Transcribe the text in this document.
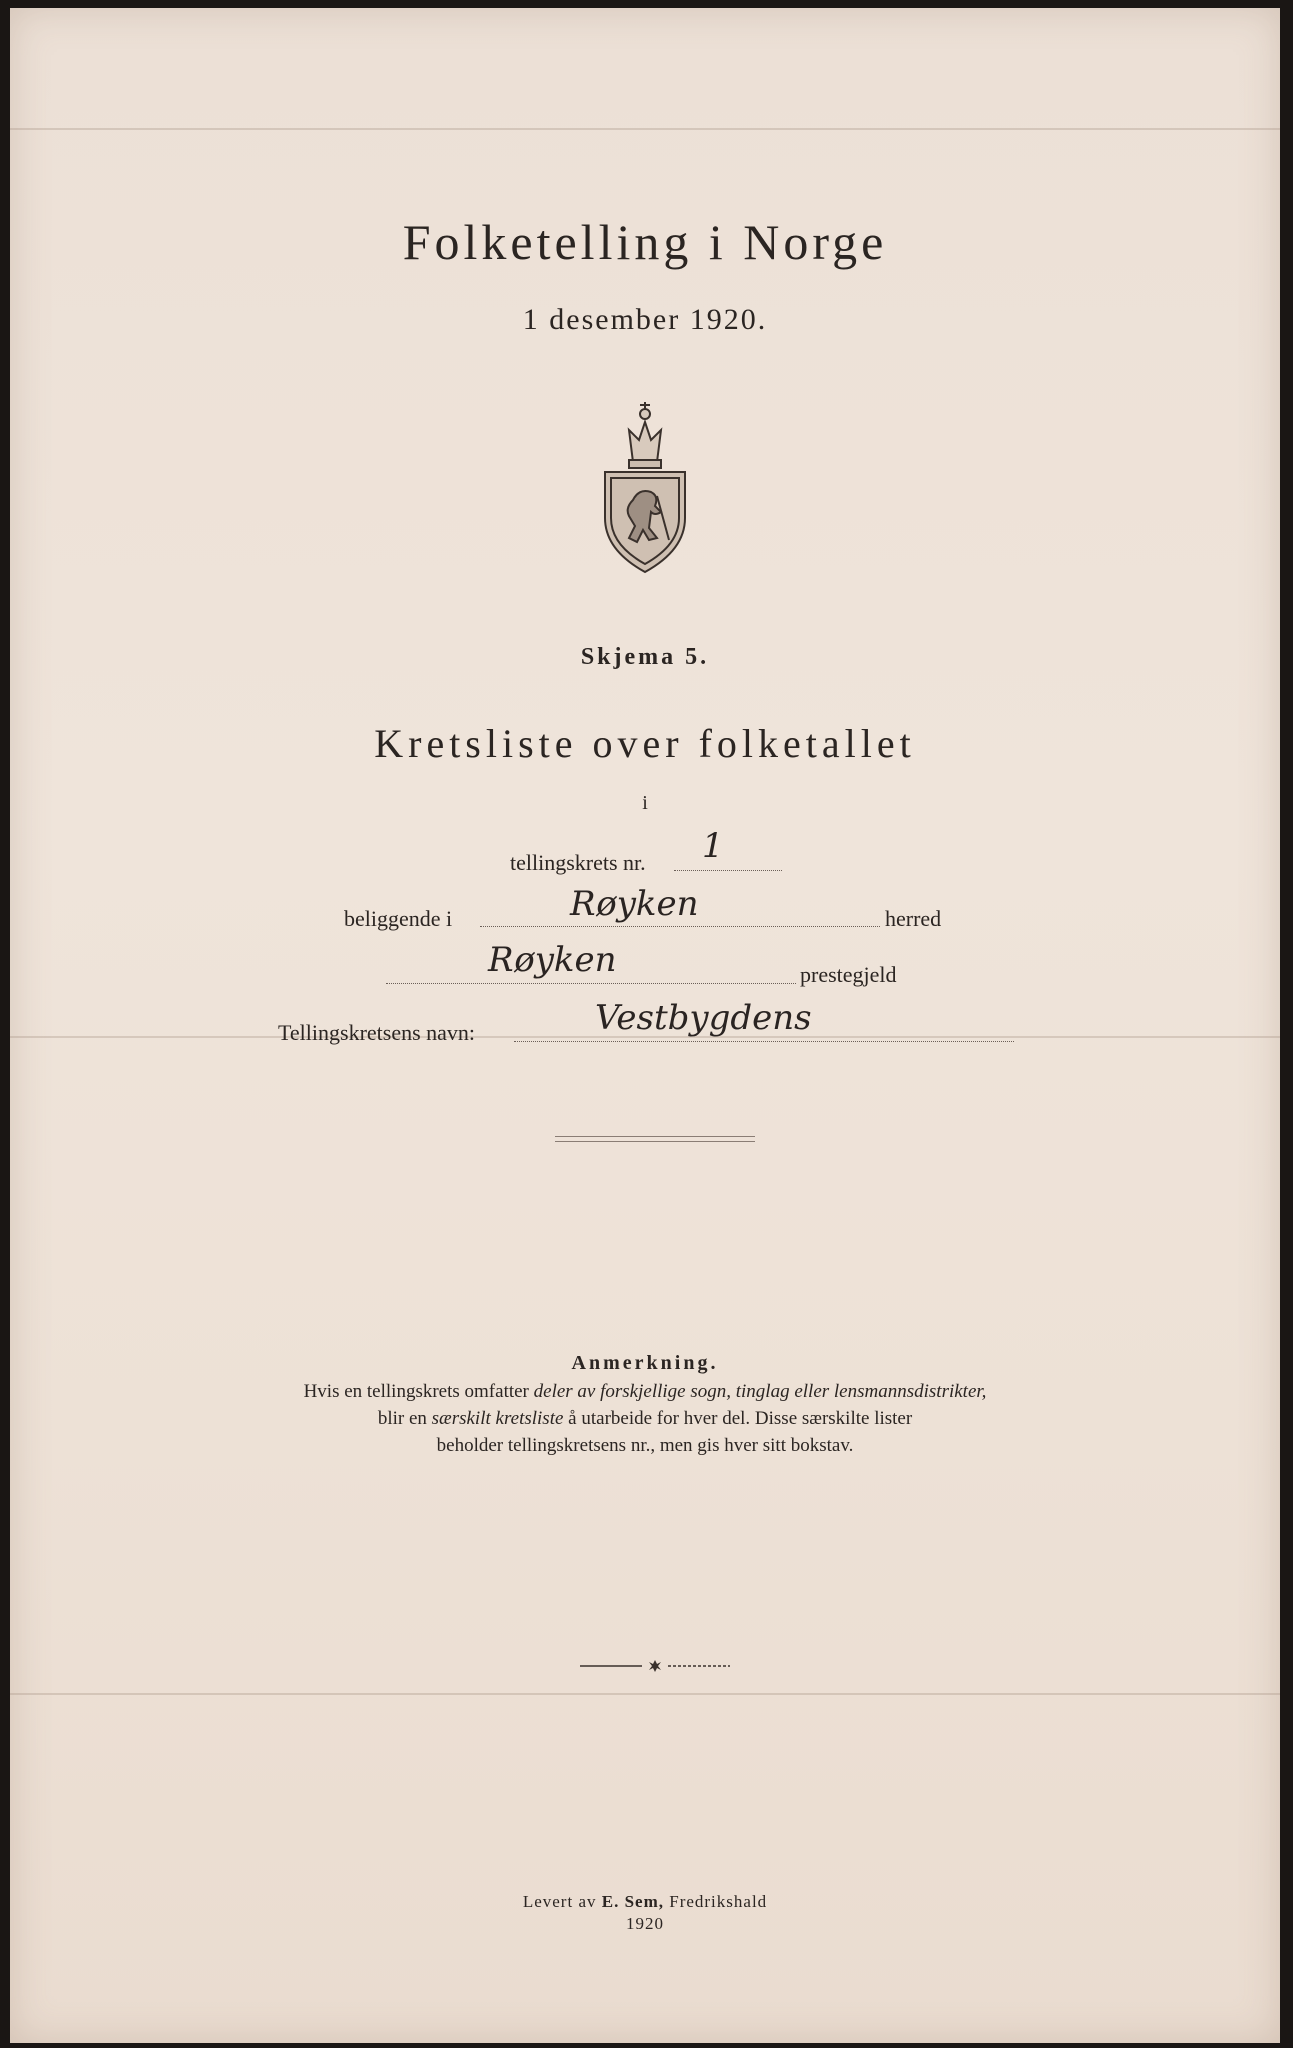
Folketelling i Norge
1 desember 1920.
Skjema 5.
Kretsliste over folketallet
i
tellingskrets nr. 1
beliggende i	Røyken	herred
Røyken	prestegjeld
Tellingskretsens navn:	Vestbygdens
Anmerkning.
Hvis en tellingskrets omfatter deler av forskjellige sogn, tinglag eller lensmannsdistrikter,
blir en særskilt kretsliste å utarbeide for hver del. Disse særskilte lister
beholder tellingskretsens nr., men gis hver sitt bokstav.
Levert av E. Sem, Fredrikshald
1920
